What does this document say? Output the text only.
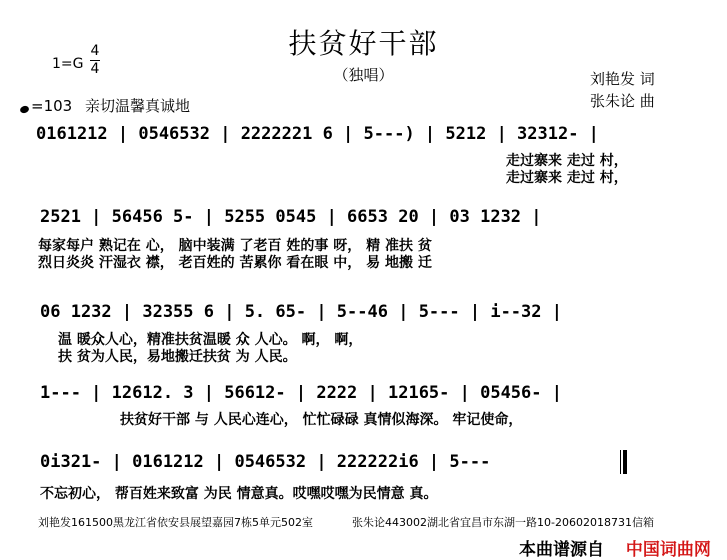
扶贫好干部
（独唱）
1=G
4
4
=103 亲切温馨真诚地
刘艳发 词
张朱论 曲
0161212 | 0546532 | 2222221 6 | 5---) | 5212 | 32312- |
走过寨来 走过 村，
走过寨来 走过 村，
2521 | 56456 5- | 5255 0545 | 6653 20 | 03 1232 |
每家每户 熟记在 心， 脑中装满 了老百 姓的事 呀， 精 准扶 贫
烈日炎炎 汗湿衣 襟， 老百姓的 苦累你 看在眼 中， 易 地搬 迁
06 1232 | 32355 6 | 5. 65- | 5--46 | 5--- | i--32 |
温 暖众人心，精准扶贫温暖 众 人心。 啊， 啊，
扶 贫为人民，易地搬迁扶贫 为 人民。
1--- | 12612. 3 | 56612- | 2222 | 12165- | 05456- |
扶贫好干部 与 人民心连心， 忙忙碌碌 真情似海深。 牢记使命，
0i321- | 0161212 | 0546532 | 222222i6 | 5---
不忘初心， 帮百姓来致富 为民 情意真。哎嘿哎嘿为民情意 真。
刘艳发161500黑龙江省依安县展望嘉园7栋5单元502室	张朱论443002湖北省宜昌市东湖一路10-20602018731信箱
本曲谱源自 中国词曲网
